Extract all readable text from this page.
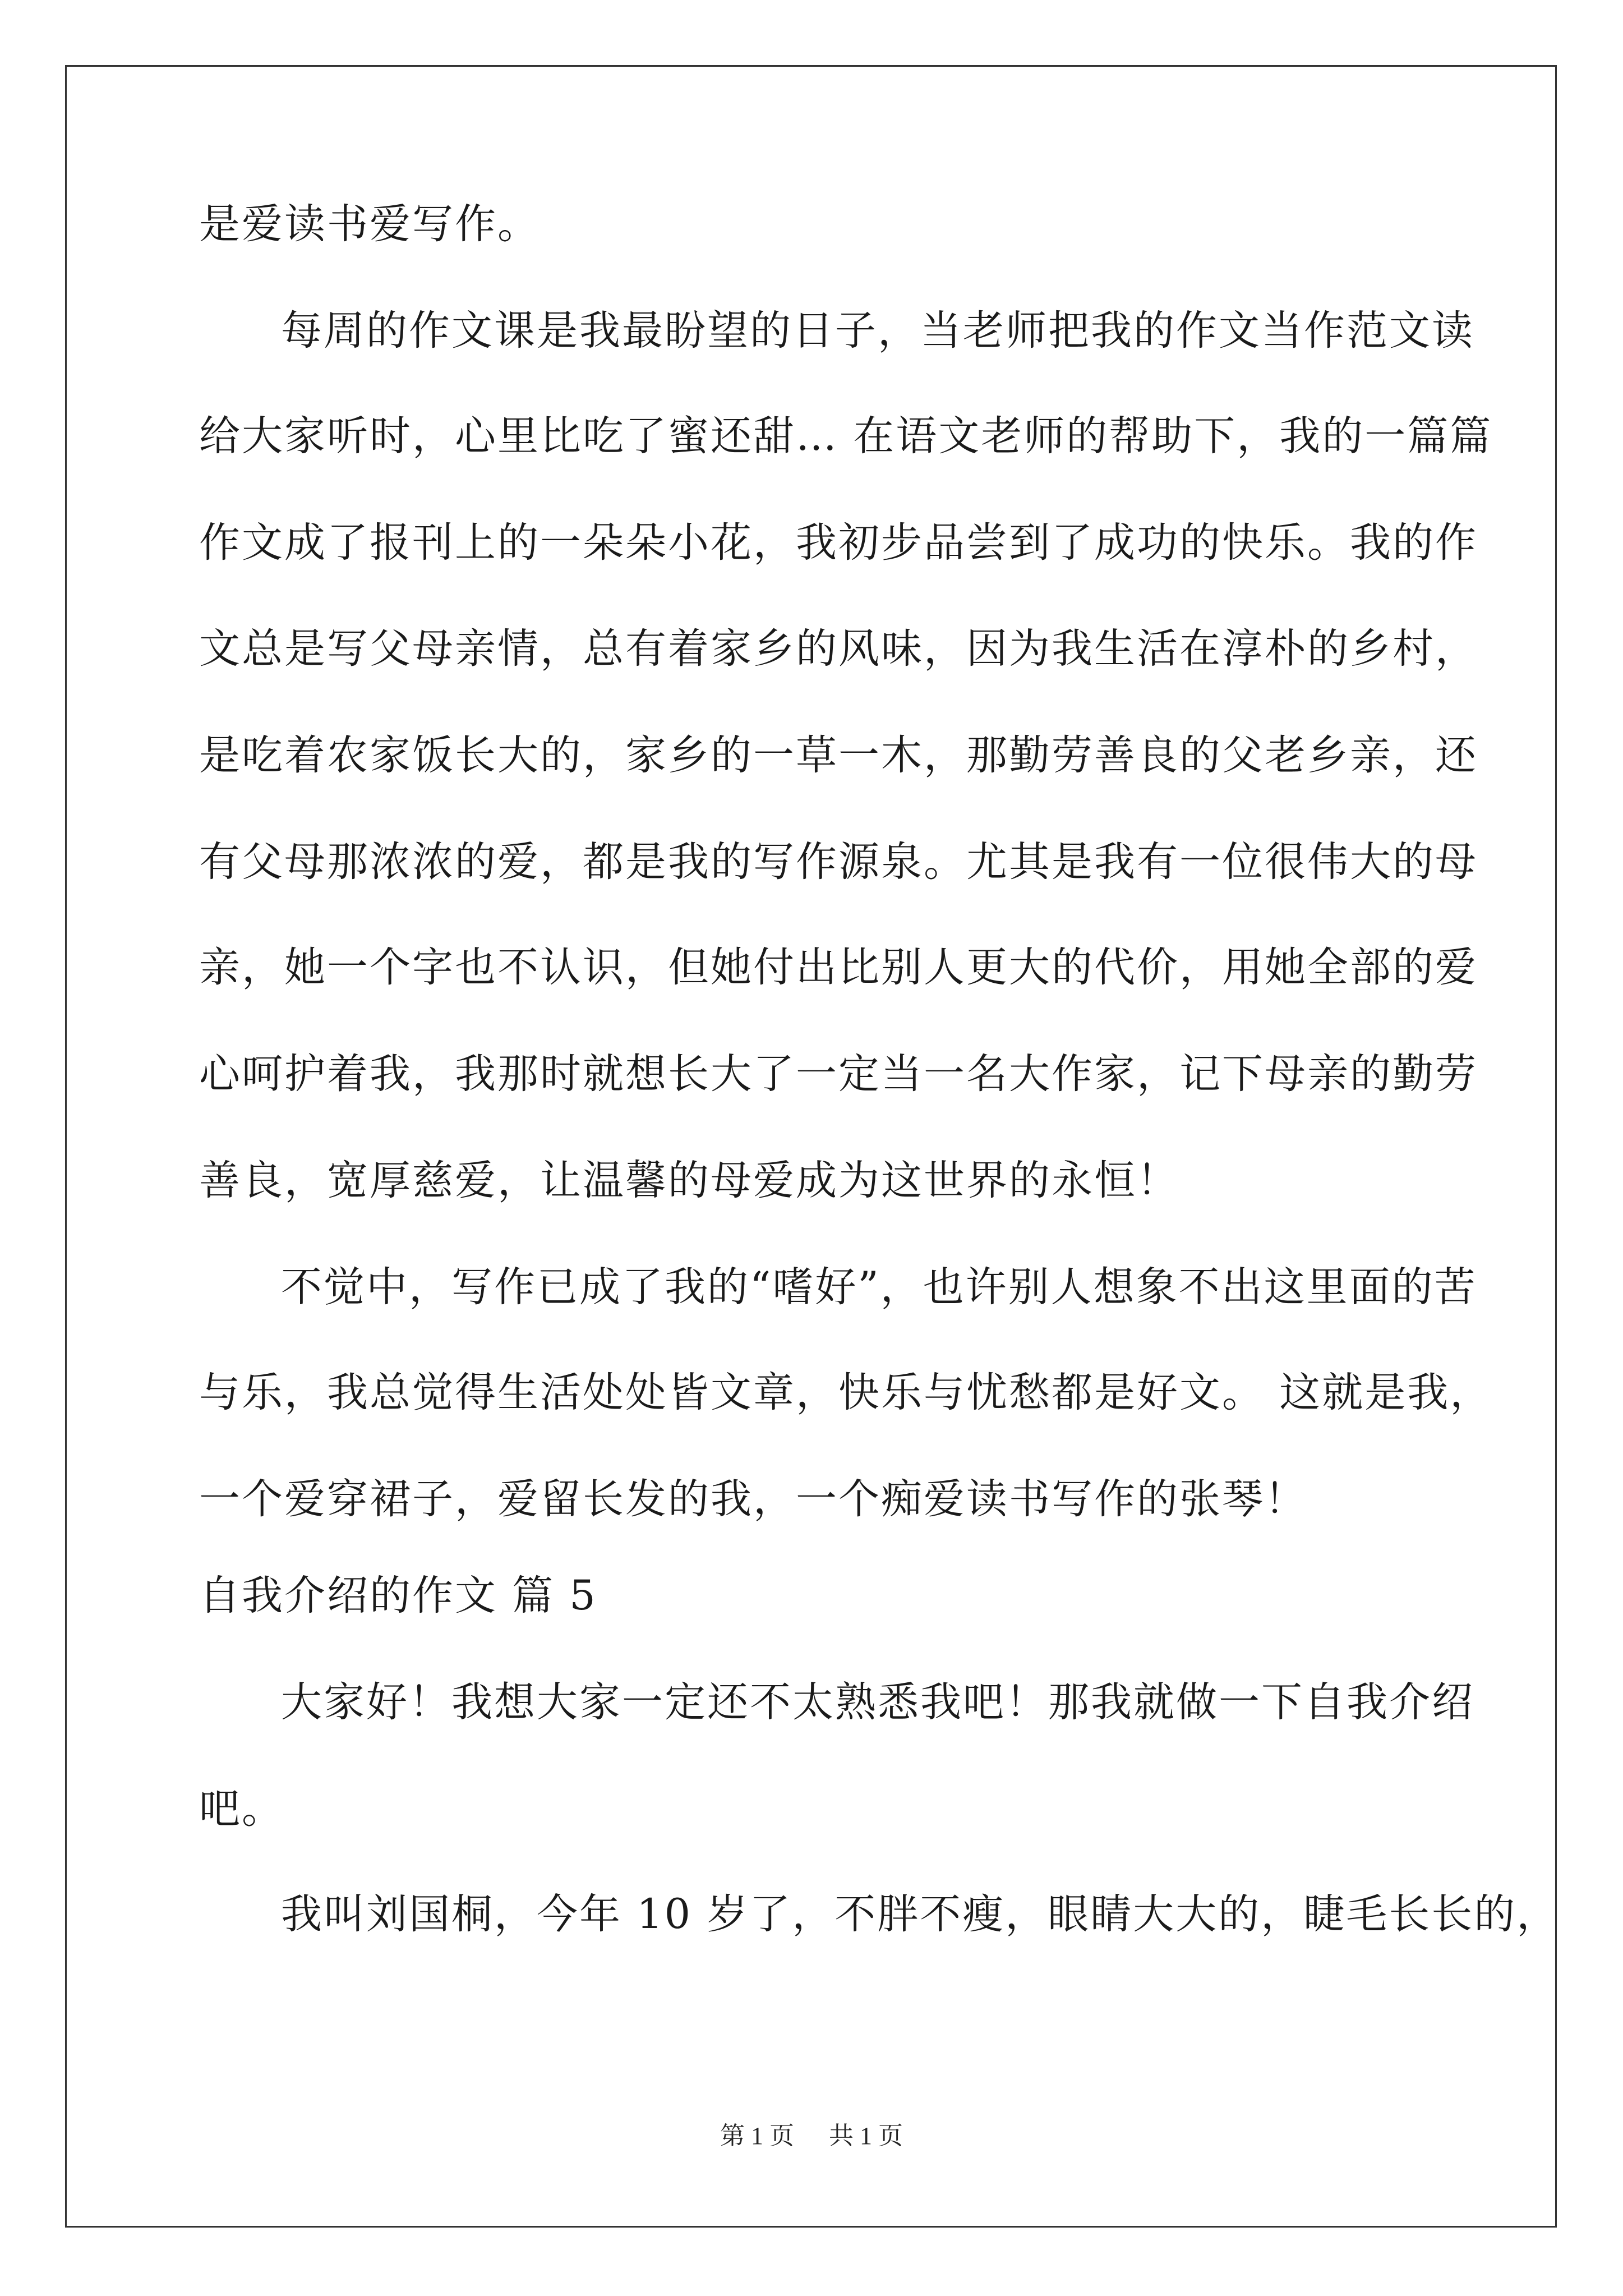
是爱读书爱写作。
每周的作文课是我最盼望的日子，当老师把我的作文当作范文读
给大家听时，心里比吃了蜜还甜… 在语文老师的帮助下，我的一篇篇
作文成了报刊上的一朵朵小花，我初步品尝到了成功的快乐。我的作
文总是写父母亲情，总有着家乡的风味，因为我生活在淳朴的乡村，
是吃着农家饭长大的，家乡的一草一木，那勤劳善良的父老乡亲，还
有父母那浓浓的爱，都是我的写作源泉。尤其是我有一位很伟大的母
亲，她一个字也不认识，但她付出比别人更大的代价，用她全部的爱
心呵护着我，我那时就想长大了一定当一名大作家，记下母亲的勤劳
善良，宽厚慈爱，让温馨的母爱成为这世界的永恒！
不觉中，写作已成了我的“嗜好”，也许别人想象不出这里面的苦
与乐，我总觉得生活处处皆文章，快乐与忧愁都是好文。 这就是我，
一个爱穿裙子，爱留长发的我，一个痴爱读书写作的张琴！
自我介绍的作文 篇 5
大家好！我想大家一定还不太熟悉我吧！那我就做一下自我介绍
吧。
我叫刘国桐，今年 10 岁了，不胖不瘦，眼睛大大的，睫毛长长的，
第 1 页 共 1 页
